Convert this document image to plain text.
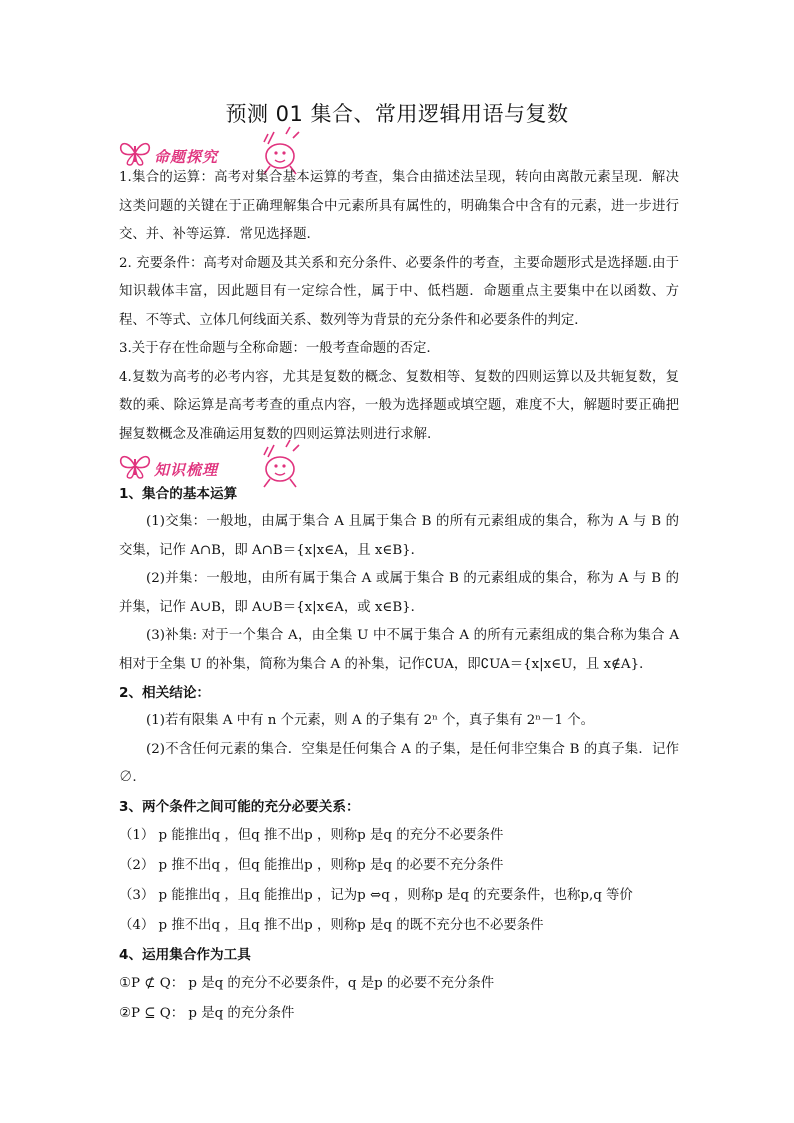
预测 01 集合、常用逻辑用语与复数
命题探究

1.集合的运算：高考对集合基本运算的考查，集合由描述法呈现，转向由离散元素呈现．解决这类问题的关键在于正确理解集合中元素所具有属性的，明确集合中含有的元素，进一步进行交、并、补等运算．常见选择题.

2. 充要条件：高考对命题及其关系和充分条件、必要条件的考查，主要命题形式是选择题.由于知识载体丰富，因此题目有一定综合性，属于中、低档题．命题重点主要集中在以函数、方程、不等式、立体几何线面关系、数列等为背景的充分条件和必要条件的判定．

3.关于存在性命题与全称命题：一般考查命题的否定.

4.复数为高考的必考内容，尤其是复数的概念、复数相等、复数的四则运算以及共轭复数，复数的乘、除运算是高考考查的重点内容，一般为选择题或填空题，难度不大，解题时要正确把握复数概念及准确运用复数的四则运算法则进行求解.

知识梳理

1、集合的基本运算

(1)交集：一般地，由属于集合 A 且属于集合 B 的所有元素组成的集合，称为 A 与 B 的交集，记作 A∩B，即 A∩B＝{x|x∈A，且 x∈B}．

(2)并集：一般地，由所有属于集合 A 或属于集合 B 的元素组成的集合，称为 A 与 B 的并集，记作 A∪B，即 A∪B＝{x|x∈A，或 x∈B}．

(3)补集: 对于一个集合 A，由全集 U 中不属于集合 A 的所有元素组成的集合称为集合 A 相对于全集 U 的补集，简称为集合 A 的补集，记作∁UA，即∁UA＝{x|x∈U，且 x∉A}．

2、相关结论：

(1)若有限集 A 中有 n 个元素，则 A 的子集有 2ⁿ 个，真子集有 2ⁿ－1 个。

(2)不含任何元素的集合．空集是任何集合 A 的子集，是任何非空集合 B 的真子集．记作∅.

3、两个条件之间可能的充分必要关系：

（1） p 能推出q ，但q 推不出p ，则称p 是q 的充分不必要条件

（2） p 推不出q ，但q 能推出p ，则称p 是q 的必要不充分条件

（3） p 能推出q ，且q 能推出p ，记为p ⇔q ，则称p 是q 的充要条件，也称p,q 等价

（4） p 推不出q ，且q 推不出p ，则称p 是q 的既不充分也不必要条件

4、运用集合作为工具

①P ⊄ Q： p 是q 的充分不必要条件，q 是p 的必要不充分条件

②P ⊆ Q： p 是q 的充分条件
